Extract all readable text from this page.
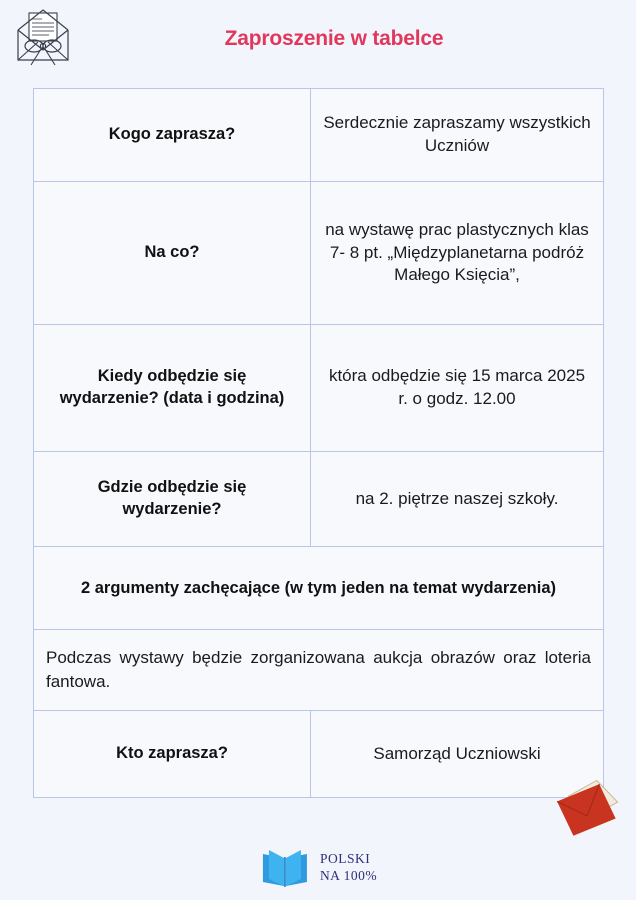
Zaproszenie w tabelce
Kogo zaprasza?	Serdecznie zapraszamy wszystkich Uczniów
Na co?	na wystawę prac plastycznych klas 7- 8 pt. „Międzyplanetarna podróż Małego Księcia”,
Kiedy odbędzie się wydarzenie? (data i godzina)	która odbędzie się 15 marca 2025 r. o godz. 12.00
Gdzie odbędzie się wydarzenie?	na 2. piętrze naszej szkoły.
2 argumenty zachęcające (w tym jeden na temat wydarzenia)	
Podczas wystawy będzie zorganizowana aukcja obrazów oraz loteria fantowa.	
Kto zaprasza?	Samorząd Uczniowski
POLSKI
NA 100%
